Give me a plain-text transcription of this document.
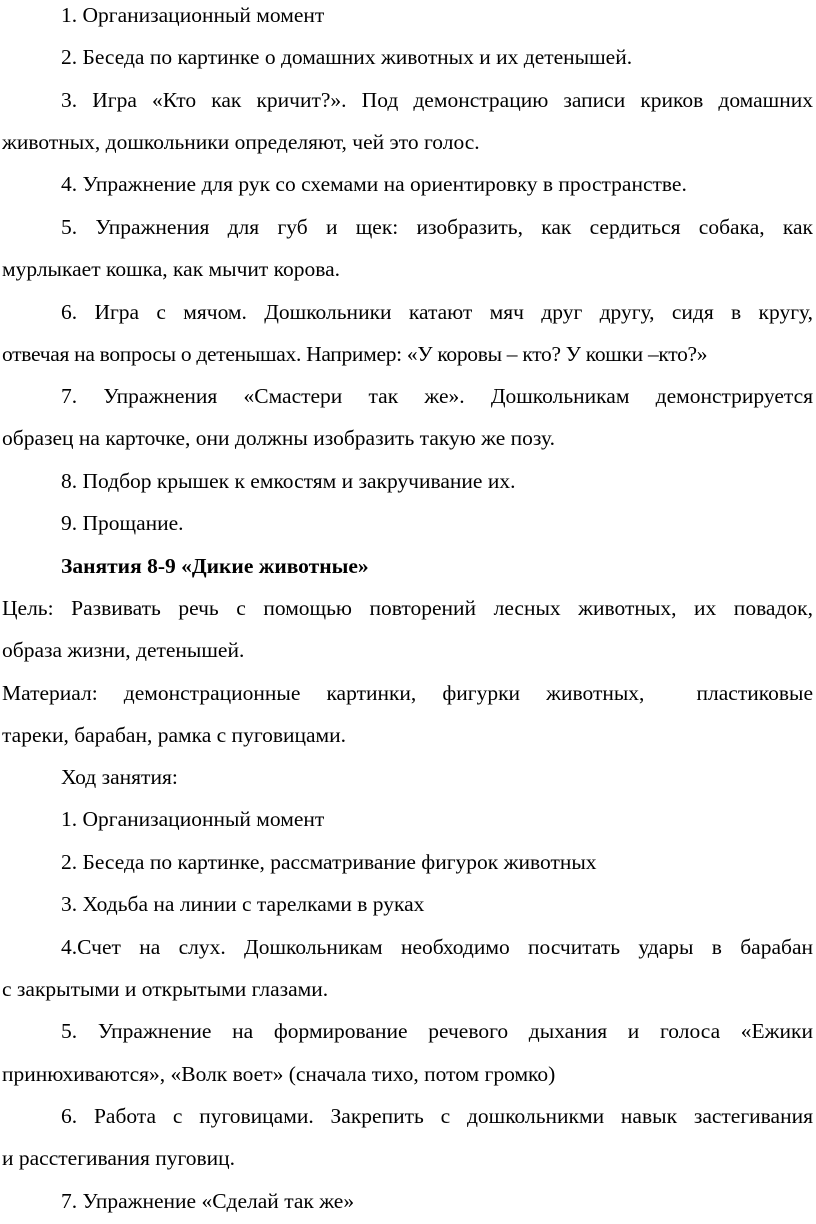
1. Организационный момент
2. Беседа по картинке о домашних животных и их детенышей.
3. Игра «Кто как кричит?». Под демонстрацию записи криков домашних
животных, дошкольники определяют, чей это голос.
4. Упражнение для рук со схемами на ориентировку в пространстве.
5. Упражнения для губ и щек: изобразить, как сердиться собака, как
мурлыкает кошка, как мычит корова.
6. Игра с мячом. Дошкольники катают мяч друг другу, сидя в кругу,
отвечая на вопросы о детенышах. Например: «У коровы – кто? У кошки –кто?»
7. Упражнения «Смастери так же». Дошкольникам демонстрируется
образец на карточке, они должны изобразить такую же позу.
8. Подбор крышек к емкостям и закручивание их.
9. Прощание.
Занятия 8-9 «Дикие животные»
Цель: Развивать речь с помощью повторений лесных животных, их повадок,
образа жизни, детенышей.
Материал: демонстрационные картинки, фигурки животных,  пластиковые
тареки, барабан, рамка с пуговицами.
Ход занятия:
1. Организационный момент
2. Беседа по картинке, рассматривание фигурок животных
3. Ходьба на линии с тарелками в руках
4.Счет на слух. Дошкольникам необходимо посчитать удары в барабан
с закрытыми и открытыми глазами.
5. Упражнение на формирование речевого дыхания и голоса «Ежики
принюхиваются», «Волк воет» (сначала тихо, потом громко)
6. Работа с пуговицами. Закрепить с дошкольникми навык застегивания
и расстегивания пуговиц.
7. Упражнение «Сделай так же»
